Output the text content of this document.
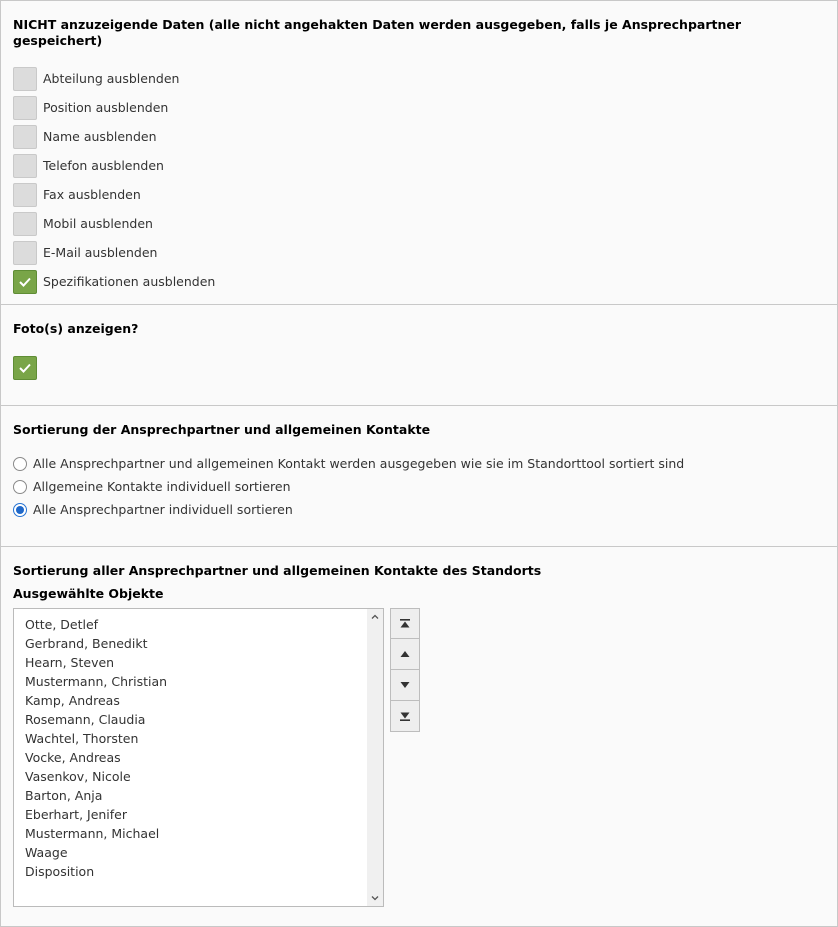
NICHT anzuzeigende Daten (alle nicht angehakten Daten werden ausgegeben, falls je Ansprechpartner gespeichert)
Abteilung ausblenden
Position ausblenden
Name ausblenden
Telefon ausblenden
Fax ausblenden
Mobil ausblenden
E-Mail ausblenden
Spezifikationen ausblenden
Foto(s) anzeigen?
Sortierung der Ansprechpartner und allgemeinen Kontakte
Alle Ansprechpartner und allgemeinen Kontakt werden ausgegeben wie sie im Standorttool sortiert sind
Allgemeine Kontakte individuell sortieren
Alle Ansprechpartner individuell sortieren
Sortierung aller Ansprechpartner und allgemeinen Kontakte des Standorts
Ausgewählte Objekte
Otte, Detlef
Gerbrand, Benedikt
Hearn, Steven
Mustermann, Christian
Kamp, Andreas
Rosemann, Claudia
Wachtel, Thorsten
Vocke, Andreas
Vasenkov, Nicole
Barton, Anja
Eberhart, Jenifer
Mustermann, Michael
Waage
Disposition
